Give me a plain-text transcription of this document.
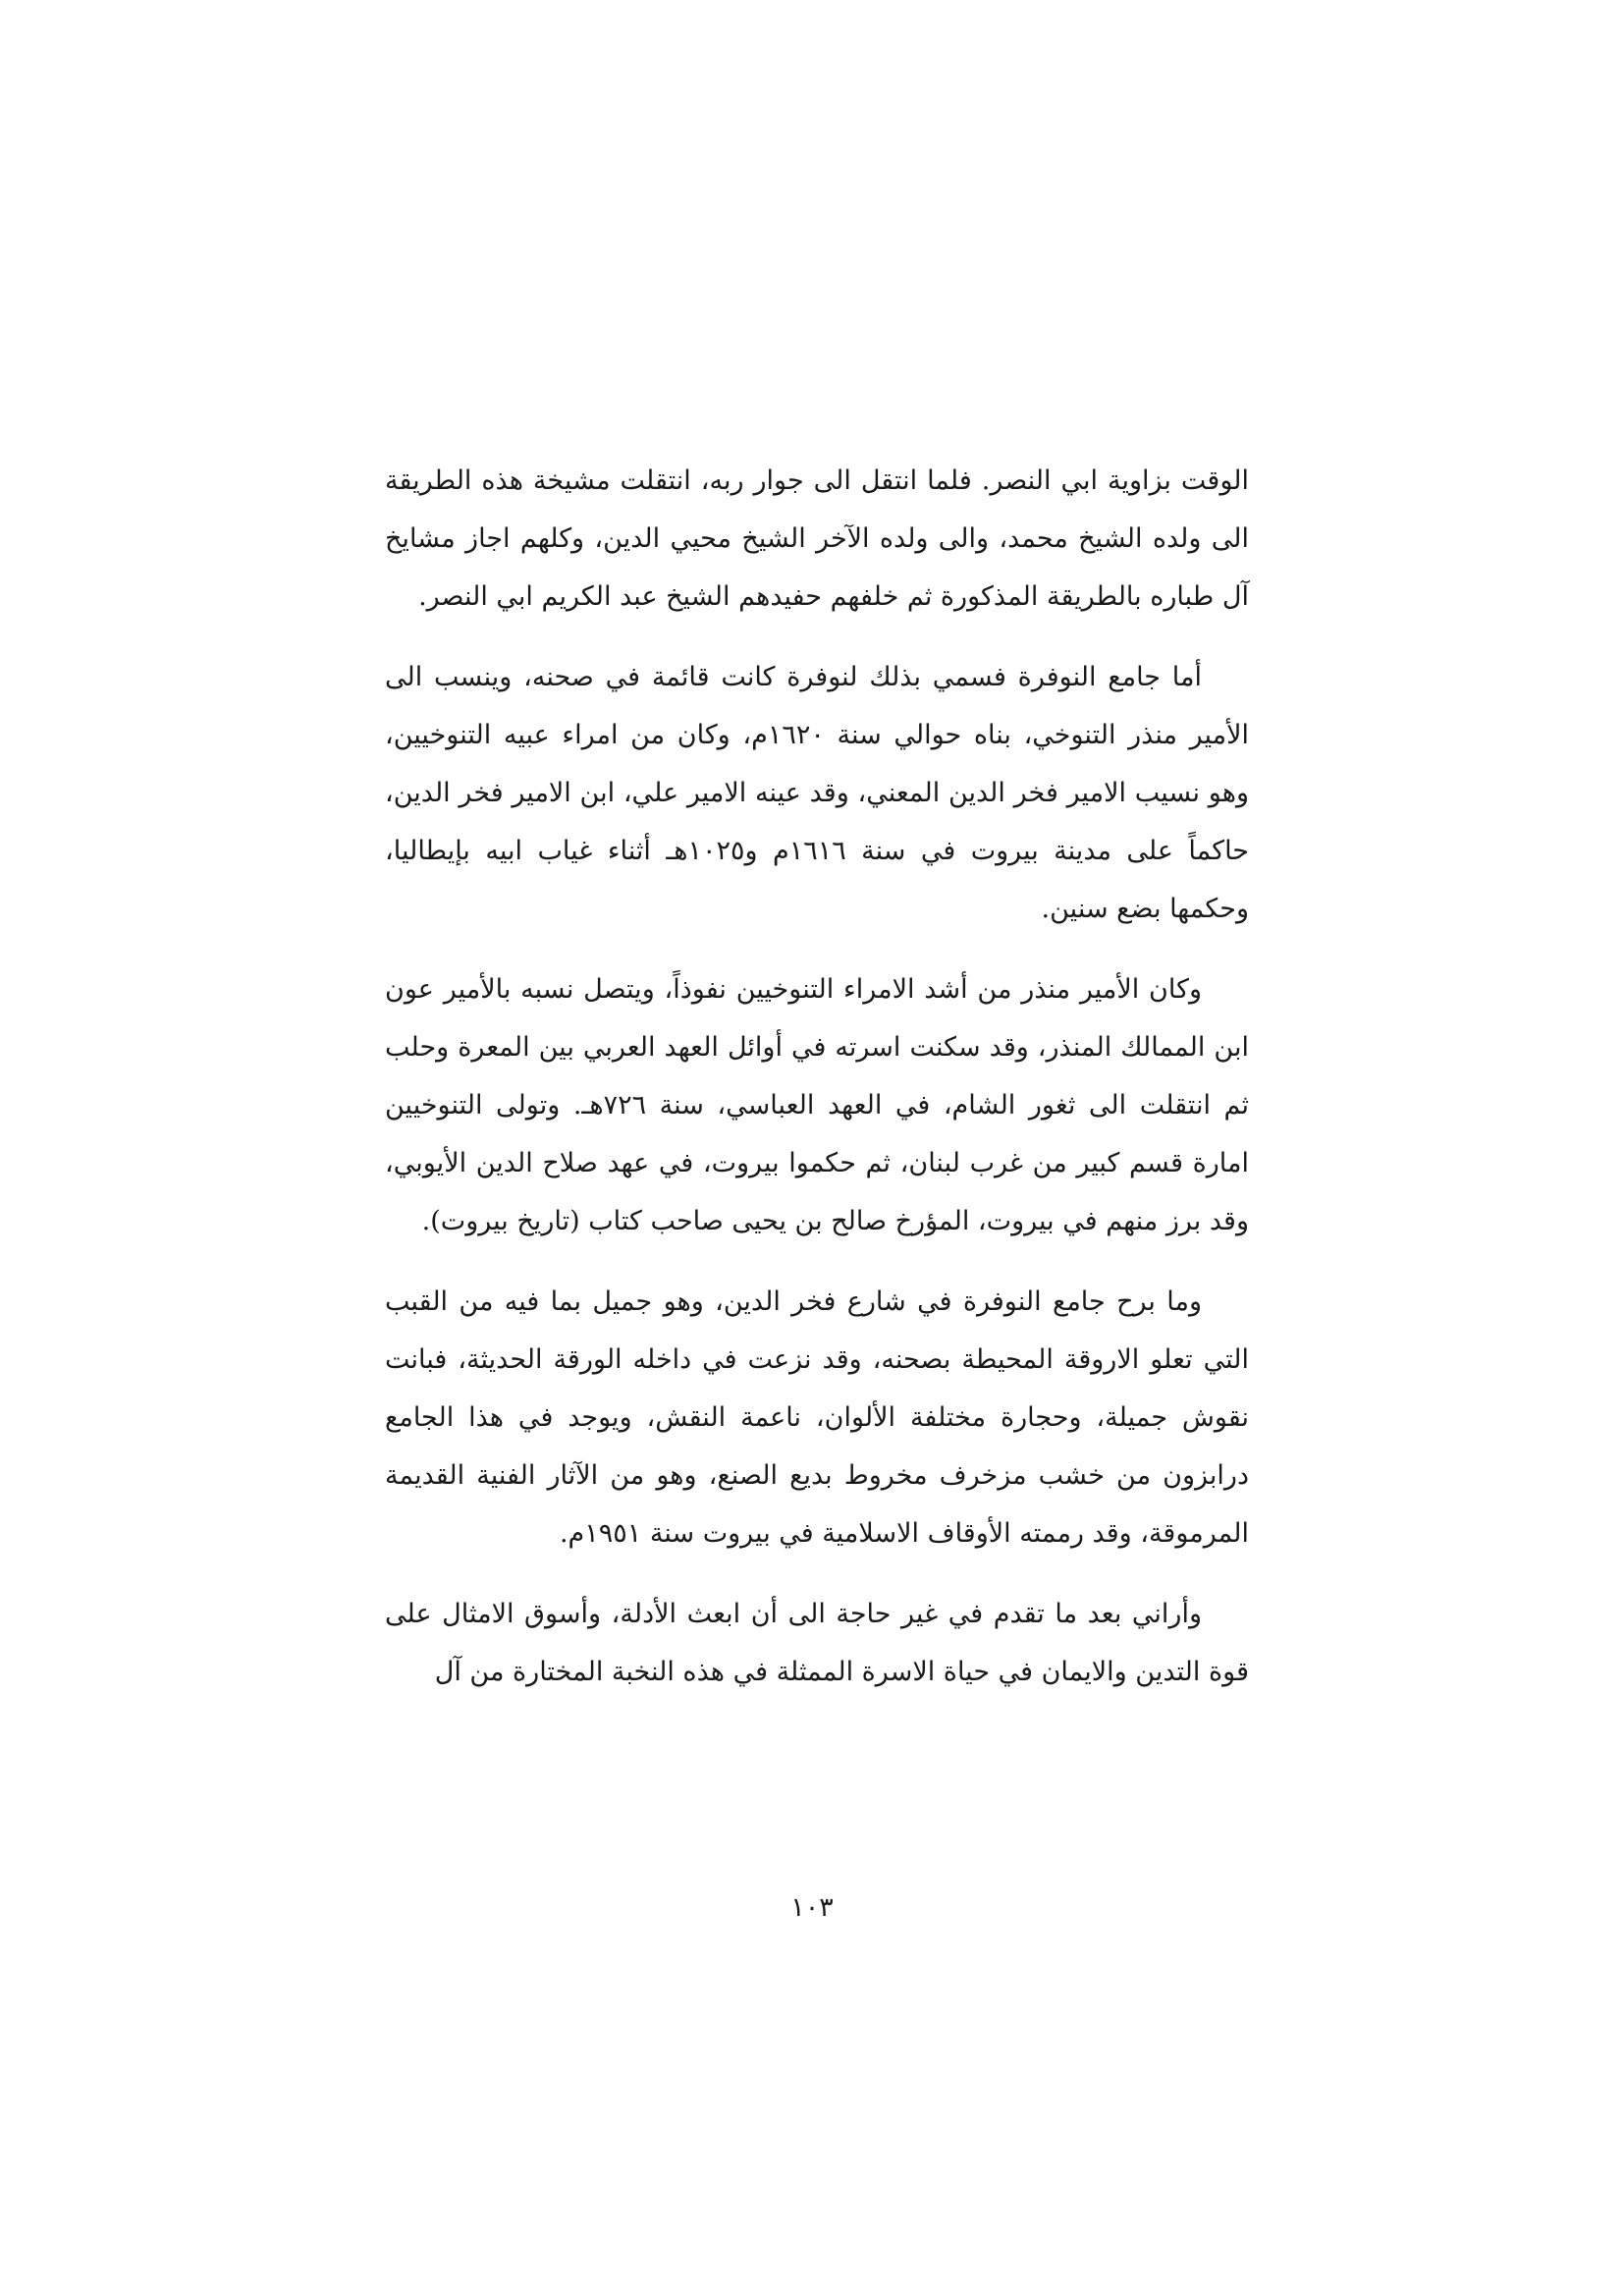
الوقت بزاوية ابي النصر. فلما انتقل الى جوار ربه، انتقلت مشيخة هذه الطريقة الى ولده الشيخ محمد، والى ولده الآخر الشيخ محيي الدين، وكلهم اجاز مشايخ آل طباره بالطريقة المذكورة ثم خلفهم حفيدهم الشيخ عبد الكريم ابي النصر.

أما جامع النوفرة فسمي بذلك لنوفرة كانت قائمة في صحنه، وينسب الى الأمير منذر التنوخي، بناه حوالي سنة ١٦٢٠م، وكان من امراء عبيه التنوخيين، وهو نسيب الامير فخر الدين المعني، وقد عينه الامير علي، ابن الامير فخر الدين، حاكماً على مدينة بيروت في سنة ١٦١٦م و١٠٢٥هـ أثناء غياب ابيه بإيطاليا، وحكمها بضع سنين.

وكان الأمير منذر من أشد الامراء التنوخيين نفوذاً، ويتصل نسبه بالأمير عون ابن الممالك المنذر، وقد سكنت اسرته في أوائل العهد العربي بين المعرة وحلب ثم انتقلت الى ثغور الشام، في العهد العباسي، سنة ٧٢٦هـ. وتولى التنوخيين امارة قسم كبير من غرب لبنان، ثم حكموا بيروت، في عهد صلاح الدين الأيوبي، وقد برز منهم في بيروت، المؤرخ صالح بن يحيى صاحب كتاب (تاريخ بيروت).

وما برح جامع النوفرة في شارع فخر الدين، وهو جميل بما فيه من القبب التي تعلو الاروقة المحيطة بصحنه، وقد نزعت في داخله الورقة الحديثة، فبانت نقوش جميلة، وحجارة مختلفة الألوان، ناعمة النقش، ويوجد في هذا الجامع درابزون من خشب مزخرف مخروط بديع الصنع، وهو من الآثار الفنية القديمة المرموقة، وقد رممته الأوقاف الاسلامية في بيروت سنة ١٩٥١م.

وأراني بعد ما تقدم في غير حاجة الى أن ابعث الأدلة، وأسوق الامثال على قوة التدين والايمان في حياة الاسرة الممثلة في هذه النخبة المختارة من آل

١٠٣
